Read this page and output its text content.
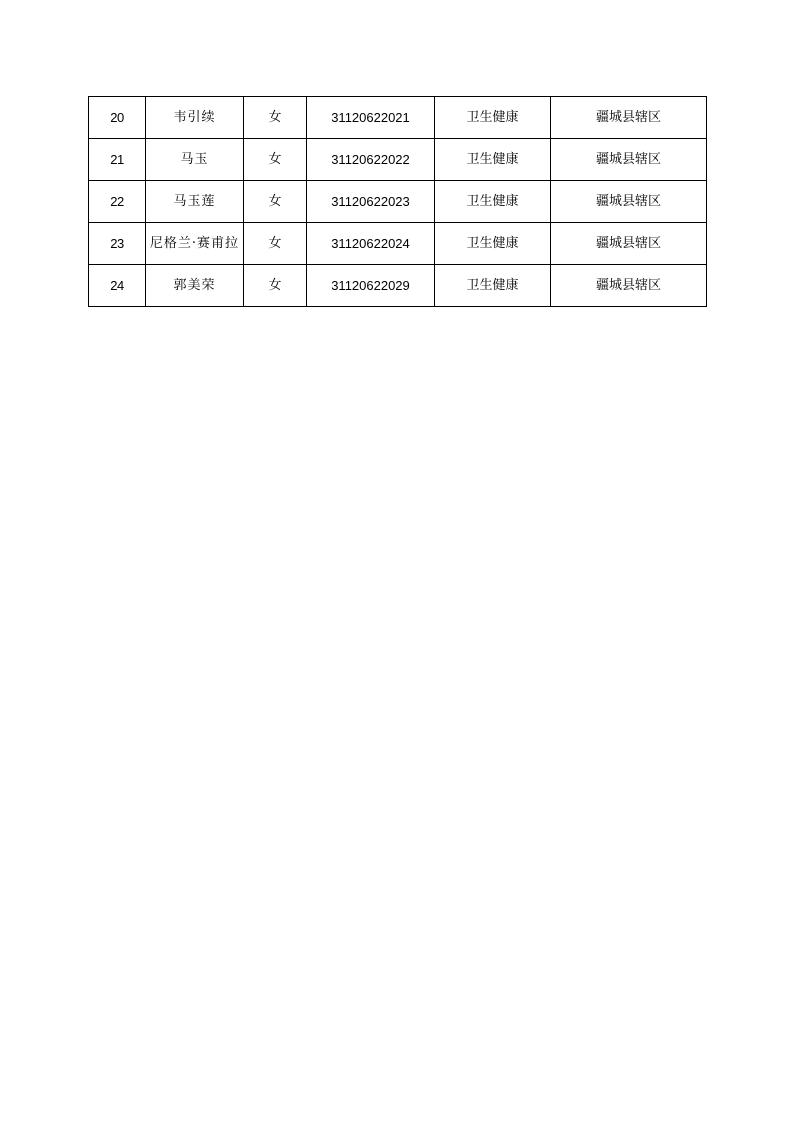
20	韦引续	女	31120622021	卫生健康	疆城县辖区
21	马玉	女	31120622022	卫生健康	疆城县辖区
22	马玉莲	女	31120622023	卫生健康	疆城县辖区
23	尼格兰·赛甫拉	女	31120622024	卫生健康	疆城县辖区
24	郭美荣	女	31120622029	卫生健康	疆城县辖区
